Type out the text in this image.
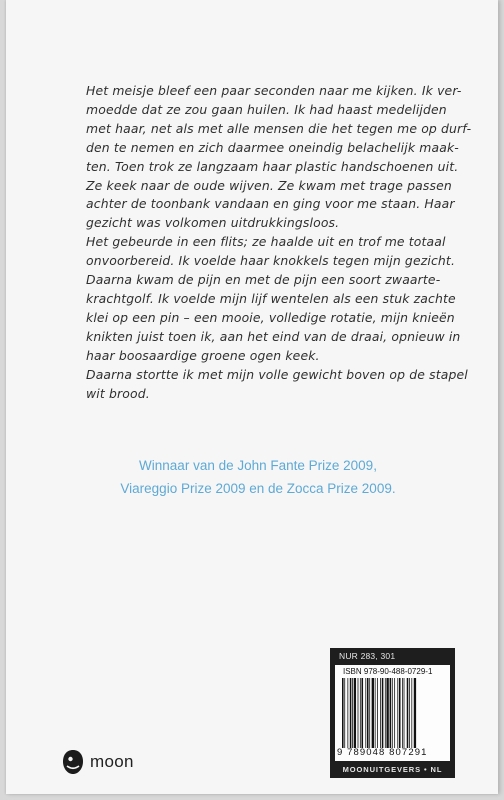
Het meisje bleef een paar seconden naar me kijken. Ik ver-
moedde dat ze zou gaan huilen. Ik had haast medelijden
met haar, net als met alle mensen die het tegen me op durf-
den te nemen en zich daarmee oneindig belachelijk maak-
ten. Toen trok ze langzaam haar plastic handschoenen uit.
Ze keek naar de oude wijven. Ze kwam met trage passen
achter de toonbank vandaan en ging voor me staan. Haar
gezicht was volkomen uitdrukkingsloos.
Het gebeurde in een flits; ze haalde uit en trof me totaal
onvoorbereid. Ik voelde haar knokkels tegen mijn gezicht.
Daarna kwam de pijn en met de pijn een soort zwaarte-
krachtgolf. Ik voelde mijn lijf wentelen als een stuk zachte
klei op een pin – een mooie, volledige rotatie, mijn knieën
knikten juist toen ik, aan het eind van de draai, opnieuw in
haar boosaardige groene ogen keek.
Daarna stortte ik met mijn volle gewicht boven op de stapel
wit brood.
Winnaar van de John Fante Prize 2009,
Viareggio Prize 2009 en de Zocca Prize 2009.
moon
NUR 283, 301
ISBN 978-90-488-0729-1
9 789048 807291
MOONUITGEVERS • NL
